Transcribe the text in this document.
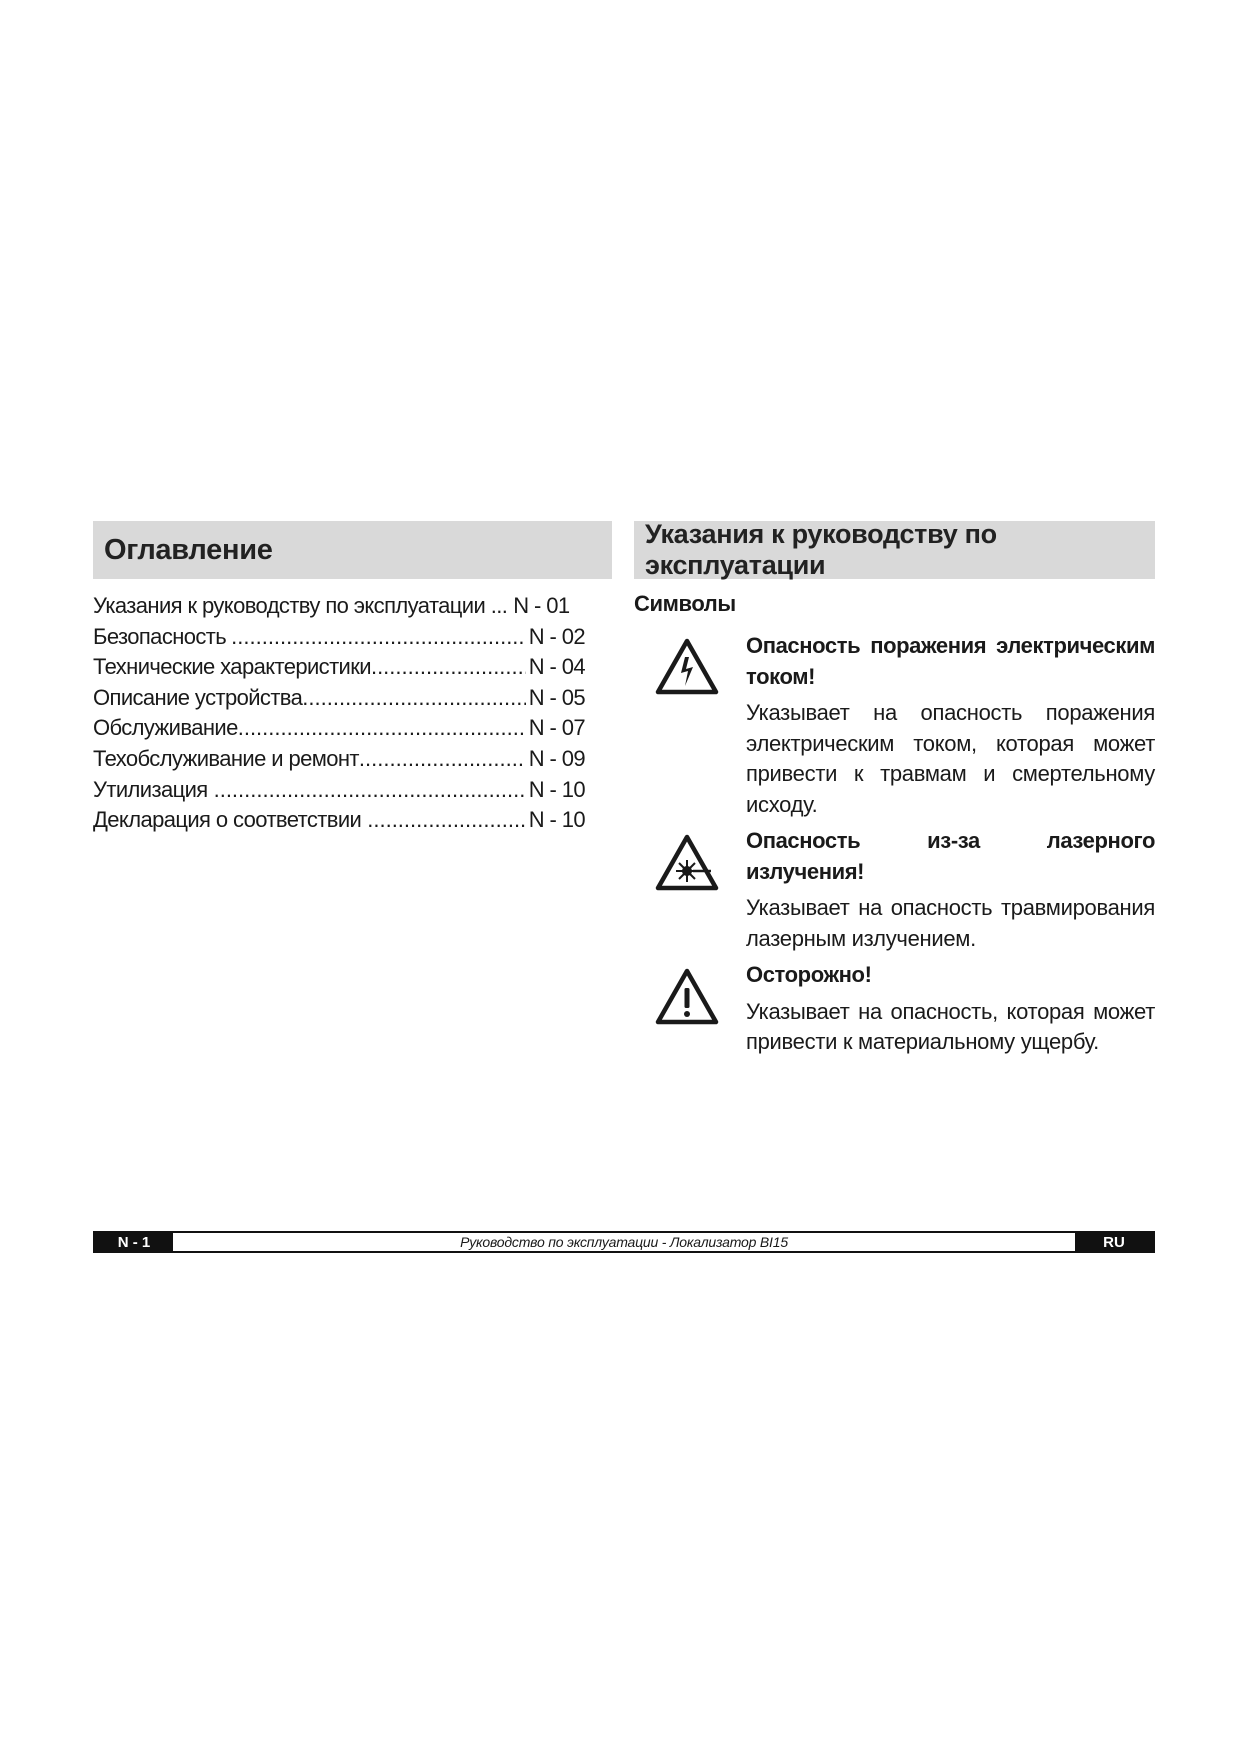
Оглавление
Указания к руководству по эксплуатации ... N - 01
Безопасность .....	N - 02
Технические характеристики .....	N - 04
Описание устройства .....	N - 05
Обслуживание .....	N - 07
Техобслуживание и ремонт .....	N - 09
Утилизация .....	N - 10
Декларация о соответствии .....	N - 10
Указания к руководству по эксплуатации
Символы
Опасность поражения электрическим током!

Указывает на опасность поражения электрическим током, которая может привести к травмам и смертельному исходу.

Опасность из-за лазерного излучения!

Указывает на опасность травмирования лазерным излучением.

Осторожно!

Указывает на опасность, которая может привести к материальному ущербу.

N - 1	Руководство по эксплуатации - Локализатор BI15	RU
